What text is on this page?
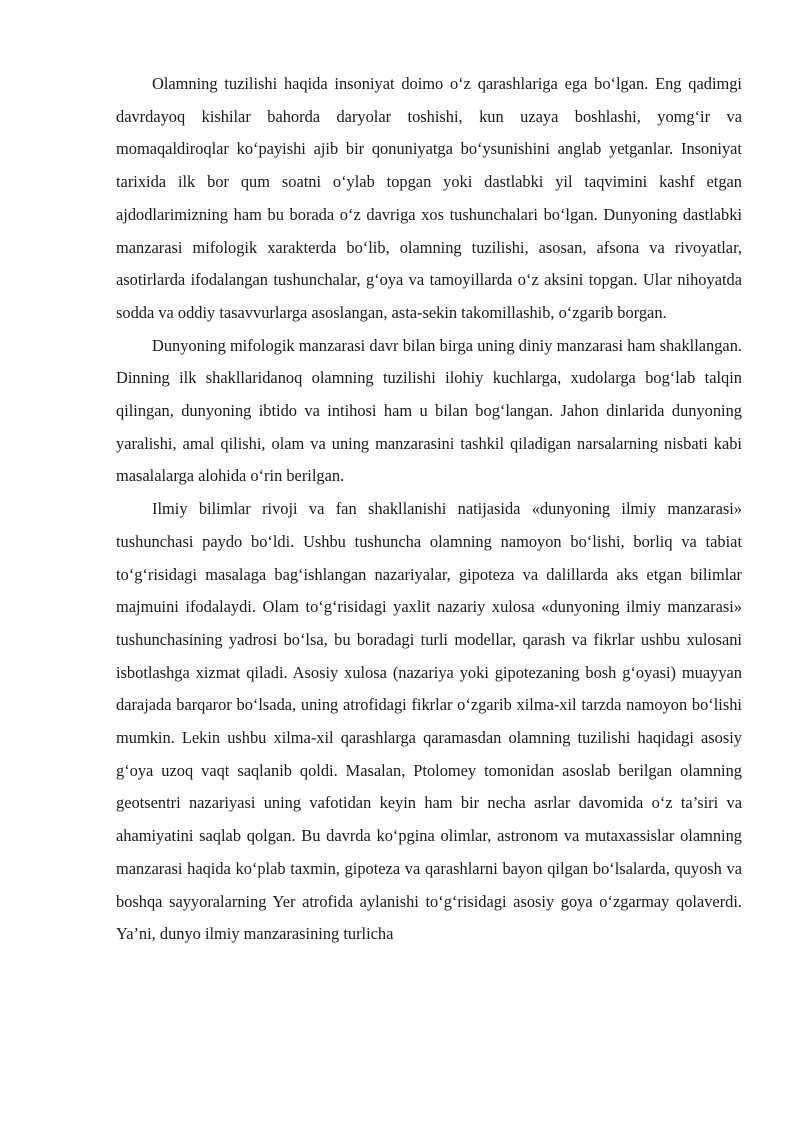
Olamning tuzilishi haqida insoniyat doimo o‘z qarashlariga ega bo‘lgan. Eng qadimgi davrdayoq kishilar bahorda daryolar toshishi, kun uzaya boshlashi, yomg‘ir va momaqaldiroqlar ko‘payishi ajib bir qonuniyatga bo‘ysunishini anglab yetganlar. Insoniyat tarixida ilk bor qum soatni o‘ylab topgan yoki dastlabki yil taqvimini kashf etgan ajdodlarimizning ham bu borada o‘z davriga xos tushunchalari bo‘lgan. Dunyoning dastlabki manzarasi mifologik xarakterda bo‘lib, olamning tuzilishi, asosan, afsona va rivoyatlar, asotirlarda ifodalangan tushunchalar, g‘oya va tamoyillarda o‘z aksini topgan. Ular nihoyatda sodda va oddiy tasavvurlarga asoslangan, asta-sekin takomillashib, o‘zgarib borgan.

Dunyoning mifologik manzarasi davr bilan birga uning diniy manzarasi ham shakllangan. Dinning ilk shakllaridanoq olamning tuzilishi ilohiy kuchlarga, xudolarga bog‘lab talqin qilingan, dunyoning ibtido va intihosi ham u bilan bog‘langan. Jahon dinlarida dunyoning yaralishi, amal qilishi, olam va uning manzarasini tashkil qiladigan narsalarning nisbati kabi masalalarga alohida o‘rin berilgan.

Ilmiy bilimlar rivoji va fan shakllanishi natijasida «dunyoning ilmiy manzarasi» tushunchasi paydo bo‘ldi. Ushbu tushuncha olamning namoyon bo‘lishi, borliq va tabiat to‘g‘risidagi masalaga bag‘ishlangan nazariyalar, gipoteza va dalillarda aks etgan bilimlar majmuini ifodalaydi. Olam to‘g‘risidagi yaxlit nazariy xulosa «dunyoning ilmiy manzarasi» tushunchasining yadrosi bo‘lsa, bu boradagi turli modellar, qarash va fikrlar ushbu xulosani isbotlashga xizmat qiladi. Asosiy xulosa (nazariya yoki gipotezaning bosh g‘oyasi) muayyan darajada barqaror bo‘lsada, uning atrofidagi fikrlar o‘zgarib xilma-xil tarzda namoyon bo‘lishi mumkin. Lekin ushbu xilma-xil qarashlarga qaramasdan olamning tuzilishi haqidagi asosiy g‘oya uzoq vaqt saqlanib qoldi. Masalan, Ptolomey tomonidan asoslab berilgan olamning geotsentri nazariyasi uning vafotidan keyin ham bir necha asrlar davomida o‘z ta’siri va ahamiyatini saqlab qolgan. Bu davrda ko‘pgina olimlar, astronom va mutaxassislar olamning manzarasi haqida ko‘plab taxmin, gipoteza va qarashlarni bayon qilgan bo‘lsalarda, quyosh va boshqa sayyoralarning Yer atrofida aylanishi to‘g‘risidagi asosiy goya o‘zgarmay qolaverdi. Ya’ni, dunyo ilmiy manzarasining turlicha
